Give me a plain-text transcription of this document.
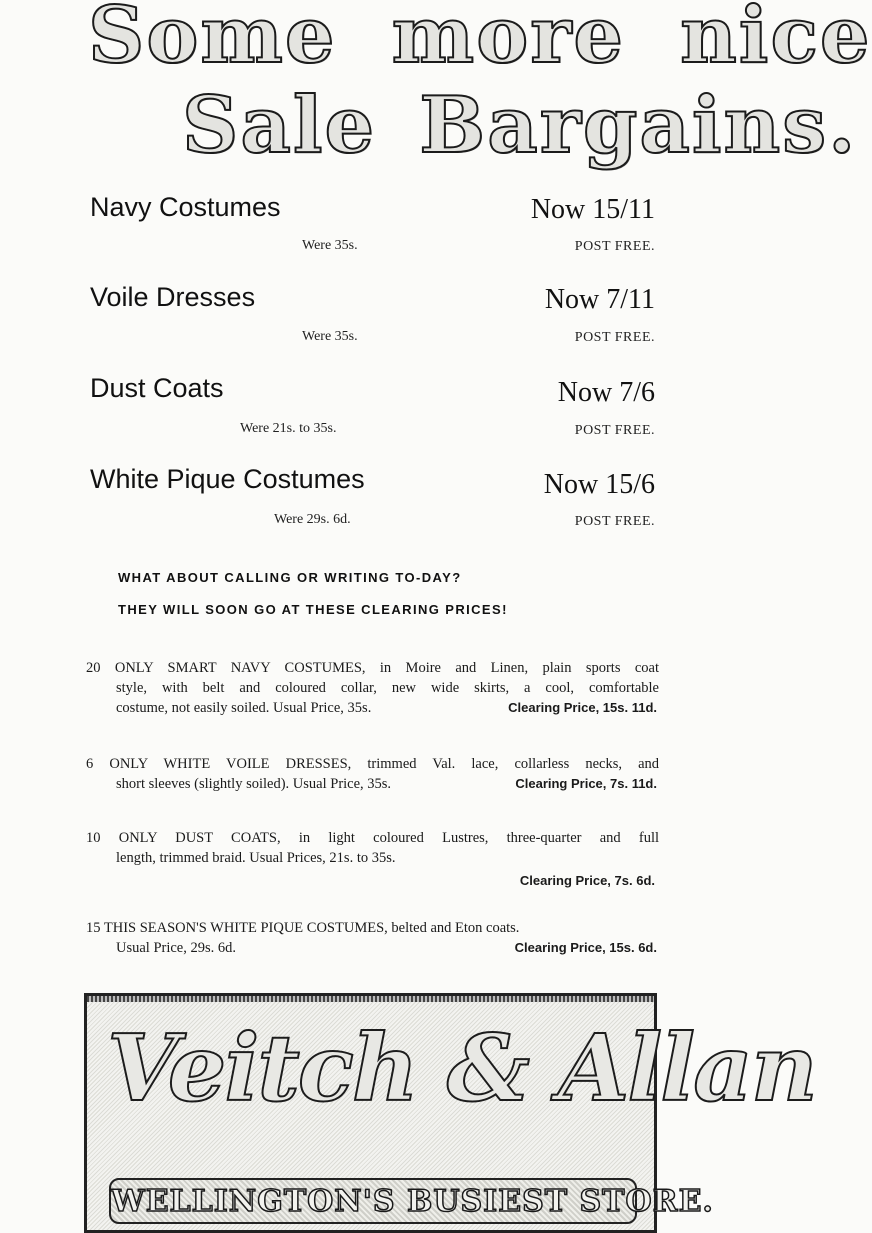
Some more nice
Sale Bargains.
Navy Costumes	Now 15/11
Were 35s.	POST FREE.
Voile Dresses	Now 7/11
Were 35s.	POST FREE.
Dust Coats	Now 7/6
Were 21s. to 35s.	POST FREE.
White Pique Costumes	Now 15/6
Were 29s. 6d.	POST FREE.
WHAT ABOUT CALLING OR WRITING TO-DAY?
THEY WILL SOON GO AT THESE CLEARING PRICES!
20 ONLY SMART NAVY COSTUMES, in Moire and Linen, plain sports coat
style, with belt and coloured collar, new wide skirts, a cool, comfortable
costume, not easily soiled. Usual Price, 35s.	Clearing Price, 15s. 11d.
6 ONLY WHITE VOILE DRESSES, trimmed Val. lace, collarless necks, and
short sleeves (slightly soiled). Usual Price, 35s.	Clearing Price, 7s. 11d.
10 ONLY DUST COATS, in light coloured Lustres, three-quarter and full
length, trimmed braid. Usual Prices, 21s. to 35s.
Clearing Price, 7s. 6d.
15 THIS SEASON'S WHITE PIQUE COSTUMES, belted and Eton coats.
Usual Price, 29s. 6d.	Clearing Price, 15s. 6d.
Veitch & Allan
WELLINGTON'S BUSIEST STORE.
